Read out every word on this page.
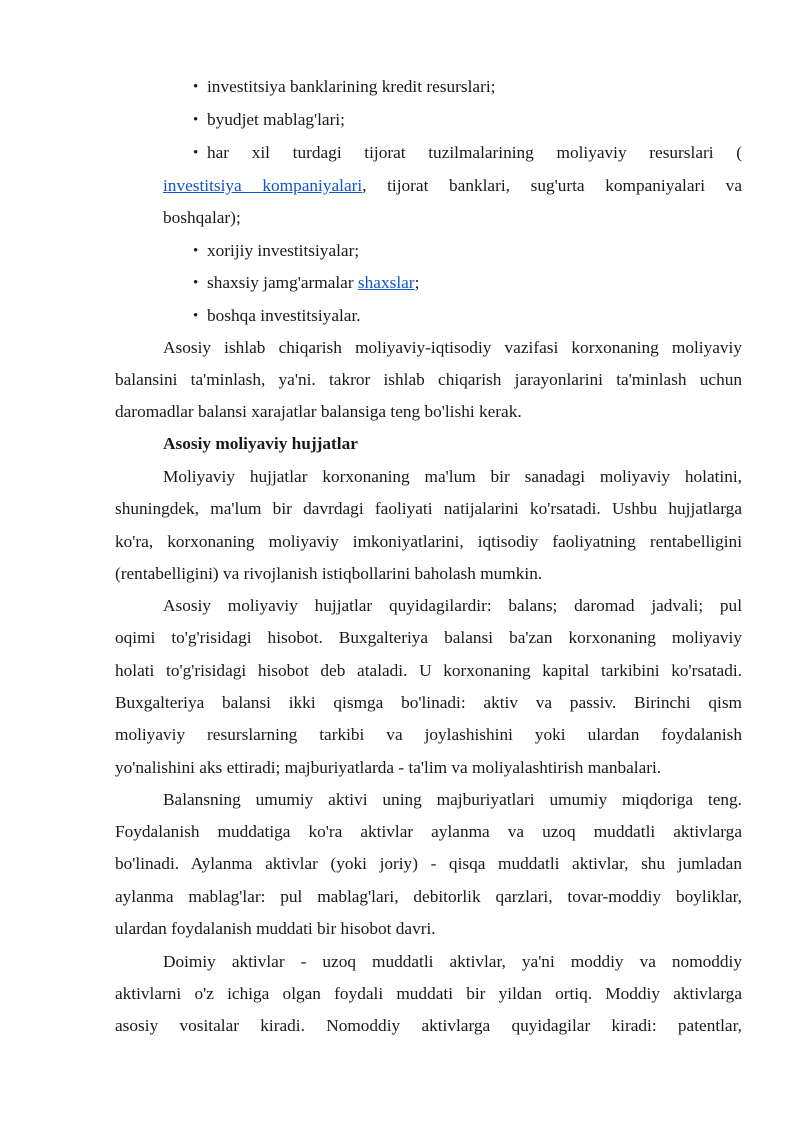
• investitsiya banklarining kredit resurslari;
• byudjet mablag'lari;
• har xil turdagi tijorat tuzilmalarining moliyaviy resurslari (
investitsiya kompaniyalari, tijorat banklari, sug'urta kompaniyalari va
boshqalar);
• xorijiy investitsiyalar;
• shaxsiy jamg'armalar shaxslar;
• boshqa investitsiyalar.
Asosiy ishlab chiqarish moliyaviy-iqtisodiy vazifasi korxonaning moliyaviy
balansini ta'minlash, ya'ni. takror ishlab chiqarish jarayonlarini ta'minlash uchun
daromadlar balansi xarajatlar balansiga teng bo'lishi kerak.
Asosiy moliyaviy hujjatlar
Moliyaviy hujjatlar korxonaning ma'lum bir sanadagi moliyaviy holatini,
shuningdek, ma'lum bir davrdagi faoliyati natijalarini ko'rsatadi. Ushbu hujjatlarga
ko'ra, korxonaning moliyaviy imkoniyatlarini, iqtisodiy faoliyatning rentabelligini
(rentabelligini) va rivojlanish istiqbollarini baholash mumkin.
Asosiy moliyaviy hujjatlar quyidagilardir: balans; daromad jadvali; pul
oqimi to'g'risidagi hisobot. Buxgalteriya balansi ba'zan korxonaning moliyaviy
holati to'g'risidagi hisobot deb ataladi. U korxonaning kapital tarkibini ko'rsatadi.
Buxgalteriya balansi ikki qismga bo'linadi: aktiv va passiv. Birinchi qism
moliyaviy resurslarning tarkibi va joylashishini yoki ulardan foydalanish
yo'nalishini aks ettiradi; majburiyatlarda - ta'lim va moliyalashtirish manbalari.
Balansning umumiy aktivi uning majburiyatlari umumiy miqdoriga teng.
Foydalanish muddatiga ko'ra aktivlar aylanma va uzoq muddatli aktivlarga
bo'linadi. Aylanma aktivlar (yoki joriy) - qisqa muddatli aktivlar, shu jumladan
aylanma mablag'lar: pul mablag'lari, debitorlik qarzlari, tovar-moddiy boyliklar,
ulardan foydalanish muddati bir hisobot davri.
Doimiy aktivlar - uzoq muddatli aktivlar, ya'ni moddiy va nomoddiy
aktivlarni o'z ichiga olgan foydali muddati bir yildan ortiq. Moddiy aktivlarga
asosiy vositalar kiradi. Nomoddiy aktivlarga quyidagilar kiradi: patentlar,
